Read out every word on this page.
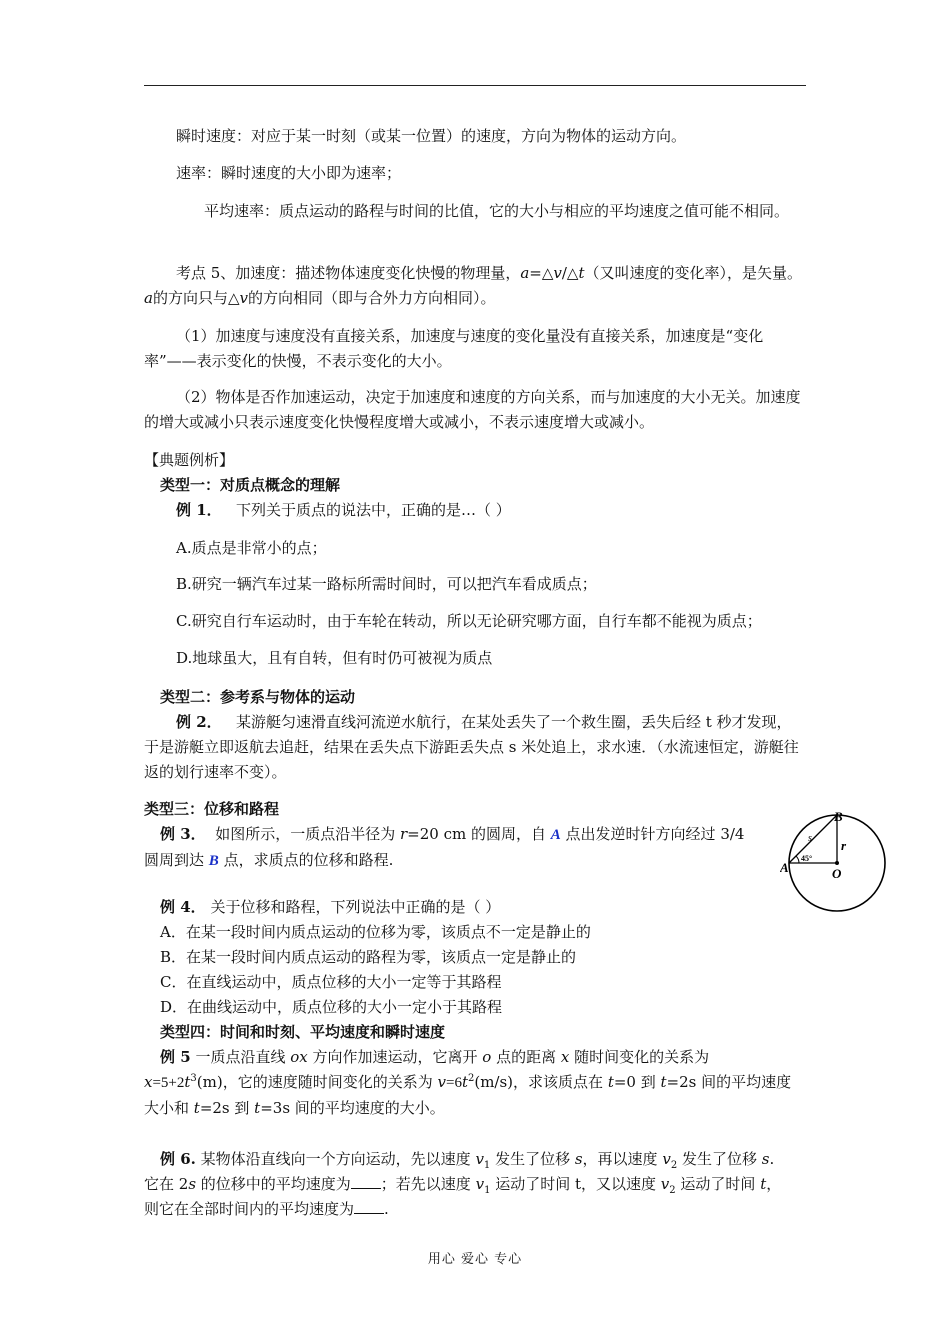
瞬时速度：对应于某一时刻（或某一位置）的速度，方向为物体的运动方向。
速率：瞬时速度的大小即为速率；
平均速率：质点运动的路程与时间的比值，它的大小与相应的平均速度之值可能不相同。
考点 5、加速度：描述物体速度变化快慢的物理量，a=△v/△t（又叫速度的变化率），是矢量。a的方向只与△v的方向相同（即与合外力方向相同）。
（1）加速度与速度没有直接关系，加速度与速度的变化量没有直接关系，加速度是“变化率”——表示变化的快慢，不表示变化的大小。
（2）物体是否作加速运动，决定于加速度和速度的方向关系，而与加速度的大小无关。加速度的增大或减小只表示速度变化快慢程度增大或减小，不表示速度增大或减小。
【典题例析】
类型一：对质点概念的理解
例 1． 下列关于质点的说法中，正确的是…（ ）
A.质点是非常小的点；
B.研究一辆汽车过某一路标所需时间时，可以把汽车看成质点；
C.研究自行车运动时，由于车轮在转动，所以无论研究哪方面，自行车都不能视为质点；
D.地球虽大，且有自转，但有时仍可被视为质点
类型二：参考系与物体的运动
例 2． 某游艇匀速滑直线河流逆水航行，在某处丢失了一个救生圈，丢失后经 t 秒才发现，于是游艇立即返航去追赶，结果在丢失点下游距丢失点 s 米处追上，求水速．（水流速恒定，游艇往返的划行速率不变）。
类型三：位移和路程
例 3． 如图所示，一质点沿半径为 r=20 cm 的圆周，自 A 点出发逆时针方向经过 3/4
圆周到达 B 点，求质点的位移和路程.
B
A	O
r
s
45°
例 4． 关于位移和路程，下列说法中正确的是（ ）
A．在某一段时间内质点运动的位移为零，该质点不一定是静止的
B．在某一段时间内质点运动的路程为零，该质点一定是静止的
C．在直线运动中，质点位移的大小一定等于其路程
D．在曲线运动中，质点位移的大小一定小于其路程
类型四：时间和时刻、平均速度和瞬时速度
例 5 一质点沿直线 ox 方向作加速运动，它离开 o 点的距离 x 随时间变化的关系为
$x=5+2t^3(m)$，它的速度随时间变化的关系为 $v=6t^2(m/s)$，求该质点在 t=0 到 t=2s 间的平均速度
大小和 t=2s 到 t=3s 间的平均速度的大小。
例 6. 某物体沿直线向一个方向运动，先以速度 $v_1$ 发生了位移 s，再以速度 $v_2$ 发生了位移 s.
它在 2s 的位移中的平均速度为 ；若先以速度 $v_1$ 运动了时间 t，又以速度 $v_2$ 运动了时间 t，
则它在全部时间内的平均速度为 .
用心 爱心 专心
